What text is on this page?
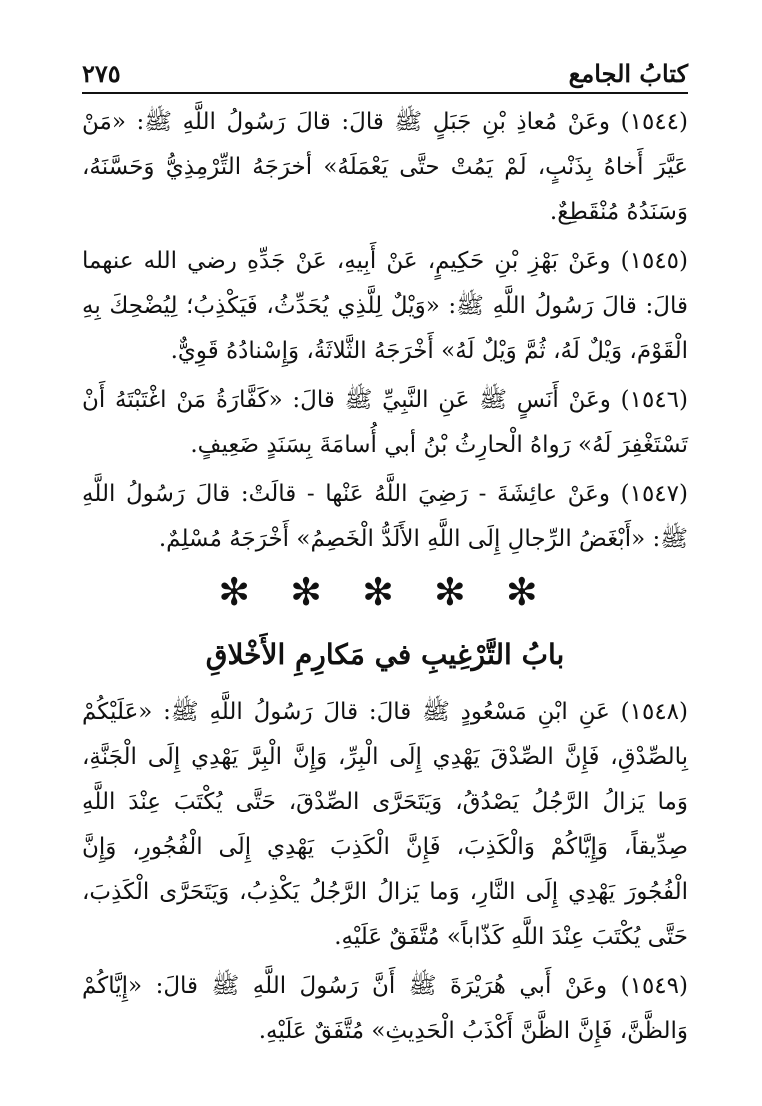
كتابُ الجامع
٢٧٥

(١٥٤٤) وعَنْ مُعاذِ بْنِ جَبَلٍ ﷺ قالَ: قالَ رَسُولُ اللَّهِ ﷺ: «مَنْ عَيَّرَ أَخاهُ بِذَنْبٍ، لَمْ يَمُتْ حتَّى يَعْمَلَهُ» أخرَجَهُ التِّرْمِذِيُّ وَحَسَّنَهُ، وَسَنَدُهُ مُنْقَطِعٌ.

(١٥٤٥) وعَنْ بَهْزِ بْنِ حَكِيمٍ، عَنْ أَبِيهِ، عَنْ جَدِّهِ رضي الله عنهما قالَ: قالَ رَسُولُ اللَّهِ ﷺ: «وَيْلٌ لِلَّذِي يُحَدِّثُ، فَيَكْذِبُ؛ لِيُضْحِكَ بِهِ الْقَوْمَ، وَيْلٌ لَهُ، ثُمَّ وَيْلٌ لَهُ» أَخْرَجَهُ الثَّلاثَةُ، وَإِسْنادُهُ قَوِيٌّ.

(١٥٤٦) وعَنْ أَنَسٍ ﷺ عَنِ النَّبِيِّ ﷺ قالَ: «كَفَّارَةُ مَنْ اغْتَبْتَهُ أَنْ تَسْتَغْفِرَ لَهُ» رَواهُ الْحارِثُ بْنُ أبي أُسامَةَ بِسَنَدٍ ضَعِيفٍ.

(١٥٤٧) وعَنْ عائِشَةَ - رَضِيَ اللَّهُ عَنْها - قالَتْ: قالَ رَسُولُ اللَّهِ ﷺ: «أَبْغَضُ الرِّجالِ إِلَى اللَّهِ الأَلَدُّ الْخَصِمُ» أَخْرَجَهُ مُسْلِمٌ.

✻ ✻ ✻ ✻ ✻
بابُ التَّرْغِيبِ في مَكارِمِ الأَخْلاقِ

(١٥٤٨) عَنِ ابْنِ مَسْعُودٍ ﷺ قالَ: قالَ رَسُولُ اللَّهِ ﷺ: «عَلَيْكُمْ بِالصِّدْقِ، فَإِنَّ الصِّدْقَ يَهْدِي إِلَى الْبِرِّ، وَإِنَّ الْبِرَّ يَهْدِي إِلَى الْجَنَّةِ، وَما يَزالُ الرَّجُلُ يَصْدُقُ، وَيَتَحَرَّى الصِّدْقَ، حَتَّى يُكْتَبَ عِنْدَ اللَّهِ صِدِّيقاً، وَإِيَّاكُمْ وَالْكَذِبَ، فَإِنَّ الْكَذِبَ يَهْدِي إِلَى الْفُجُورِ، وَإِنَّ الْفُجُورَ يَهْدِي إِلَى النَّارِ، وَما يَزالُ الرَّجُلُ يَكْذِبُ، وَيَتَحَرَّى الْكَذِبَ، حَتَّى يُكْتَبَ عِنْدَ اللَّهِ كَذّاباً» مُتَّفَقٌ عَلَيْهِ.

(١٥٤٩) وعَنْ أَبي هُرَيْرَةَ ﷺ أَنَّ رَسُولَ اللَّهِ ﷺ قالَ: «إِيَّاكُمْ وَالظَّنَّ، فَإِنَّ الظَّنَّ أَكْذَبُ الْحَدِيثِ» مُتَّفَقٌ عَلَيْهِ.
